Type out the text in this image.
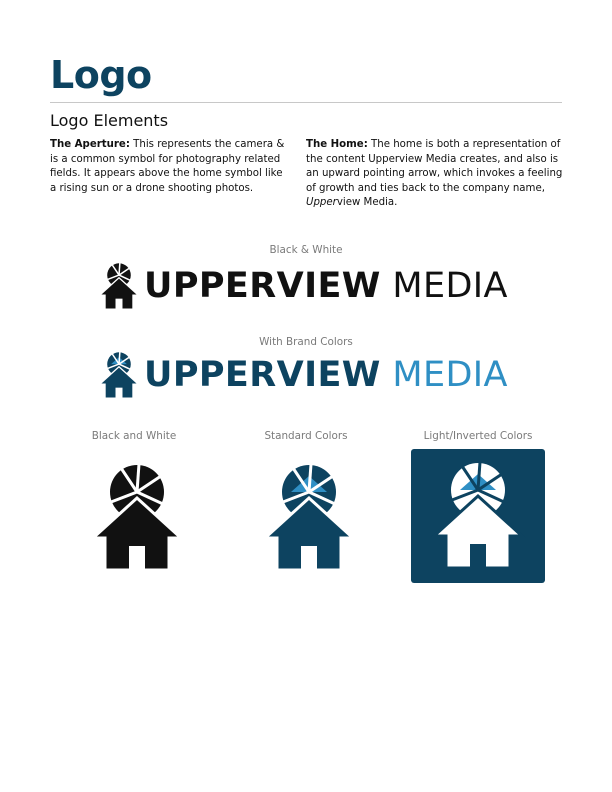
Logo
Logo Elements
The Aperture: This represents the camera & is a common symbol for photography related fields. It appears above the home symbol like a rising sun or a drone shooting photos.
The Home: The home is both a representation of the content Upperview Media creates, and also is an upward pointing arrow, which invokes a feeling of growth and ties back to the company name, Upperview Media.
Black & White
UPPERVIEW MEDIA
With Brand Colors
UPPERVIEW MEDIA
Black and White	Standard Colors	Light/Inverted Colors
